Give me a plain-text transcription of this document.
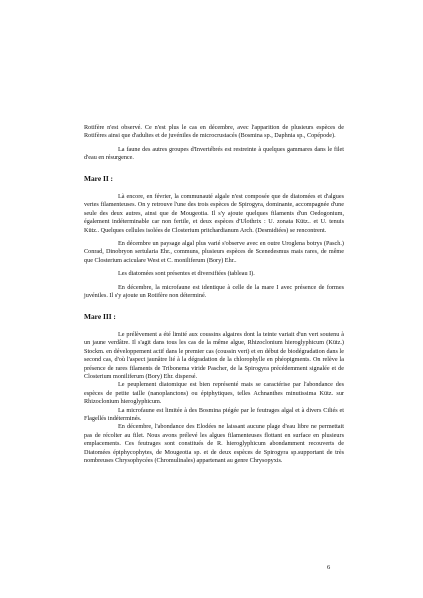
Rotifère n'est observé. Ce n'est plus le cas en décembre, avec l'apparition de plusieurs espèces de Rotifères ainsi que d'adultes et de juvéniles de microcrustacés (Bosmina sp., Daphnia sp., Copépode).

La faune des autres groupes d'Invertébrés est restreinte à quelques gammares dans le filet d'eau en résurgence.

Mare II :

Là encore, en février, la communauté algale n'est composée que de diatomées et d'algues vertes filamenteuses. On y retrouve l'une des trois espèces de Spirogyra, dominante, accompagnée d'une seule des deux autres, ainsi que de Mougeotia. Il s'y ajoute quelques filaments d'un Oedogonium, également indéterminable car non fertile, et deux espèces d'Ulothrix : U. zonata Kütz.. et U. tenuis Kütz.. Quelques cellules isolées de Closterium pritchardianum Arch. (Desmidiées) se rencontrent.

En décembre un paysage algal plus varié s'observe avec en outre Uroglena botrys (Pasch.) Conrad, Dinobryon sertularia Ehr., communs, plusieurs espèces de Scenedesmus mais rares, de même que Closterium aciculare West et C. moniliferum (Bory) Ehr..

Les diatomées sont présentes et diversifiées (tableau I).

En décembre, la microfaune est identique à celle de la mare I avec présence de formes juvéniles. Il s'y ajoute un Rotifère non déterminé.

Mare III :

Le prélèvement a été limité aux coussins algaires dont la teinte variait d'un vert soutenu à un jaune verdâtre. Il s'agit dans tous les cas de la même algue, Rhizoclonium hieroglyphicum (Kütz.) Stockm. en développement actif dans le premier cas (coussin vert) et en début de biodégradation dans le second cas, d'où l'aspect jaunâtre lié à la dégradation de la chlorophylle en phéopigments. On relève la présence de rares filaments de Tribonema viride Pascher, de la Spirogyra précédemment signalée et de Closterium moniliferum (Bory) Ehr. dispersé.

Le peuplement diatomique est bien représenté mais se caractérise par l'abondance des espèces de petite taille (nanoplanctons) ou épiphytiques, telles Achnanthes minutissima Kütz. sur Rhizoclonium hieroglyphicum.

La microfaune est limitée à des Bosmina piégée par le feutrages algal et à divers Ciliés et Flagellés indéterminés.

En décembre, l'abondance des Elodées ne laissant aucune plage d'eau libre ne permettait pas de récolter au filet. Nous avons prélevé les algues filamenteuses flottant en surface en plusieurs emplacements. Ces feutrages sont constitués de R. hieroglyphicum abondamment recouverts de Diatomées épiphycophytes, de Mougeotia sp. et de deux espèces de Spirogyra sp.supportant de très nombreuses Chrysophycées (Chromulinales) appartenant au genre Chrysopyxis.

6
